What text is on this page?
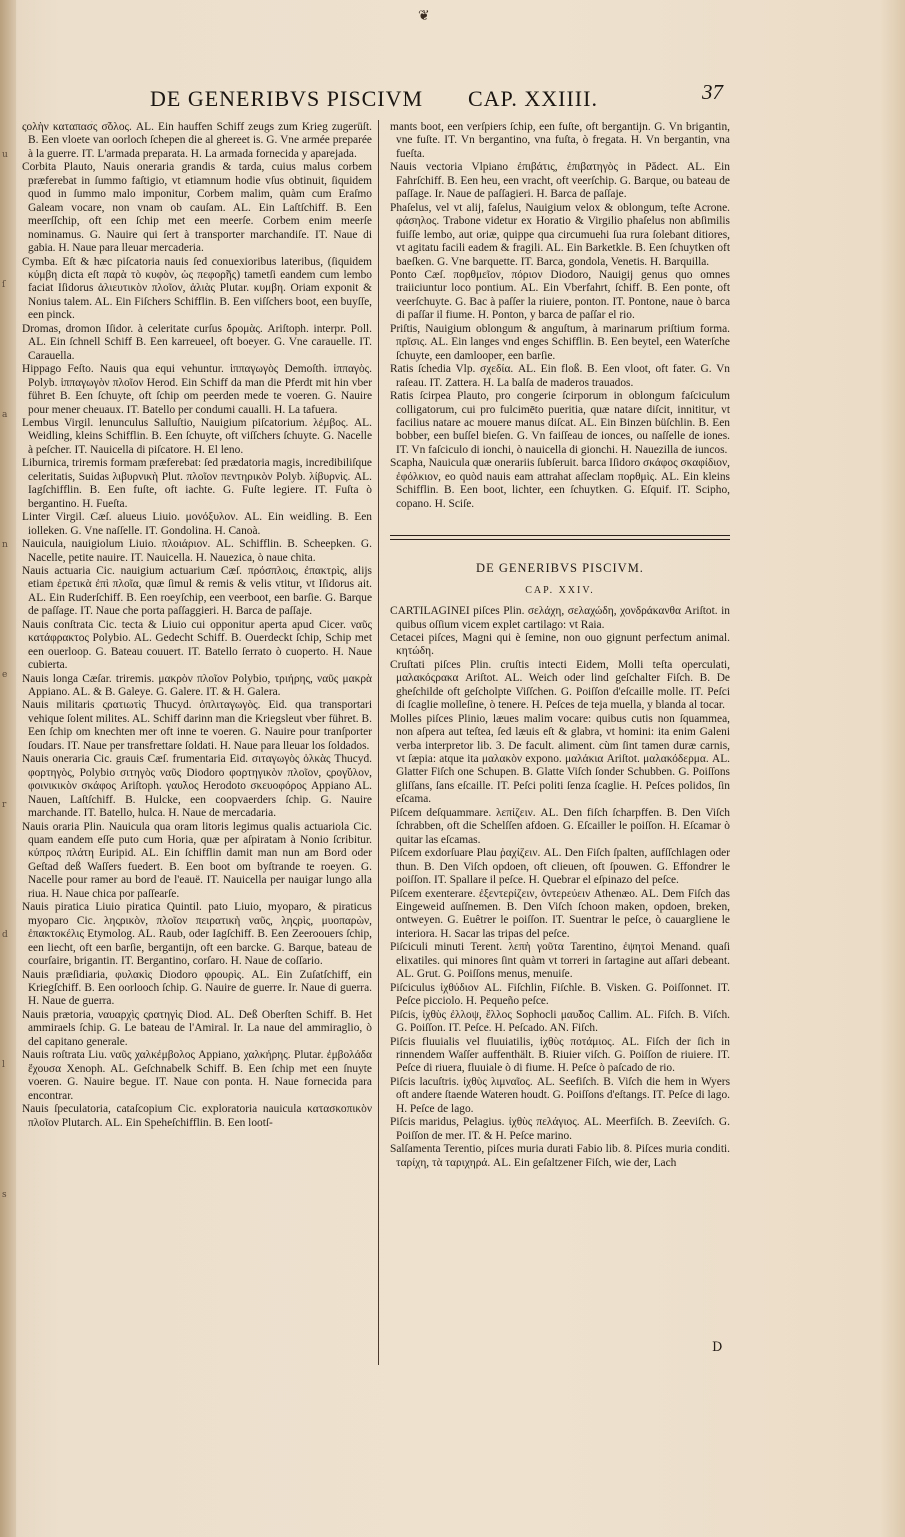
u
ſ
a
n
e
r
d
l
s
❦
DE GENERIBVS PISCIVM CAP. XXIIII.	37

ςολὴν καταπασ̀ς σ̃όλος. AL. Ein hauffen Schiff zeugs zum Krieg zugerüſt. B. Een vloete van oorloch ſchepen die al ghereet is. G. Vne armée preparée à la guerre. IT. L'armada preparata. H. La armada fornecida y aparejada.

Corbita Plauto, Nauis oneraria grandis & tarda, cuius malus corbem præferebat in ſummo faſtigio, vt etiamnum hodie vſus obtinuit, ſiquidem quod in ſummo malo imponitur, Corbem malim, quàm cum Eraſmo Galeam vocare, non vnam ob cauſam. AL. Ein Laſtſchiff. B. Een meerſſchip, oft een ſchip met een meerſe. Corbem enim meerſe nominamus. G. Nauire qui ſert à transporter marchandiſe. IT. Naue di gabia. H. Naue para lleuar mercaderia.

Cymba. Eſt & hæc piſcatoria nauis ſed conuexioribus lateribus, (ſiquidem κύμβη dicta eſt παρὰ τὸ κυφὸν, ὡς πεφορ̃ῆς) tametſi eandem cum lembo faciat Iſidorus ἁλιευτικὸν πλοῖον, ἁλιὰς Plutar. κυμβη. Oriam exponit & Nonius talem. AL. Ein Fiſchers Schifflin. B. Een viſſchers boot, een buyſſe, een pinck.

Dromas, dromon Iſidor. à celeritate curſus δρομὰς. Ariſtoph. interpr. Poll. AL. Ein ſchnell Schiff B. Een karreueel, oft boeyer. G. Vne carauelle. IT. Carauella.

Hippago Feſto. Nauis qua equi vehuntur. ἱππαγωγὸς Demoſth. ἱππαγὸς. Polyb. ἱππαγωγὸν πλοῖον Herod. Ein Schiff da man die Pferdt mit hin vber führet B. Een ſchuyte, oft ſchip om peerden mede te voeren. G. Nauire pour mener cheuaux. IT. Batello per condumi caualli. H. La tafuera.

Lembus Virgil. lenunculus Salluſtio, Nauigium piſcatorium. λέμβος. AL. Weidling, kleins Schifflin. B. Een ſchuyte, oft viſſchers ſchuyte. G. Nacelle à peſcher. IT. Nauicella di piſcatore. H. El leno.

Liburnica, triremis formam præferebat: ſed prædatoria magis, incredibiliſque celeritatis, Suidas λιβυρνικὴ Plut. πλοῖον πεντηρικὸν Polyb. λίβυρνὶς. AL. Iagſchifflin. B. Een fuſte, oft iachte. G. Fuſte legiere. IT. Fuſta ò bergantino. H. Fueſta.

Linter Virgil. Cæſ. alueus Liuio. μονόξυλον. AL. Ein weidling. B. Een iolleken. G. Vne naſſelle. IT. Gondolina. H. Canoà.

Nauicula, nauigiolum Liuio. πλοιάριον. AL. Schifflin. B. Scheepken. G. Nacelle, petite nauire. IT. Nauicella. H. Nauezica, ò naue chita.

Nauis actuaria Cic. nauigium actuarium Cæſ. πρόσπλοις, ἐπακτρὶς, alijs etiam ἐρετικὰ ἐπὶ πλοῖα, quæ ſimul & remis & velis vtitur, vt Iſidorus ait. AL. Ein Ruderſchiff. B. Een roeyſchip, een veerboot, een barſie. G. Barque de paſſage. IT. Naue che porta paſſaggieri. H. Barca de paſſaje.

Nauis conſtrata Cic. tecta & Liuio cui opponitur aperta apud Cicer. ναῦς κατάφρακτος Polybio. AL. Gedecht Schiff. B. Ouerdeckt ſchip, Schip met een ouerloop. G. Bateau couuert. IT. Batello ſerrato ò cuoperto. H. Naue cubierta.

Nauis longa Cæſar. triremis. μακρὸν πλοῖον Polybio, τριήρης, ναῦς μακρὰ Appiano. AL. & B. Galeye. G. Galere. IT. & H. Galera.

Nauis militaris ςρατιωτὶς Thucyd. ὁπλιταγωγὸς. Eid. qua transportari vehique ſolent milites. AL. Schiff darinn man die Kriegsleut vber führet. B. Een ſchip om knechten mer oft inne te voeren. G. Nauire pour tranſporter ſoudars. IT. Naue per transfrettare ſoldati. H. Naue para lleuar los ſoldados.

Nauis oneraria Cic. grauis Cæſ. frumentaria Eid. σιταγωγὸς ὁλκὰς Thucyd. φορτηγὸς, Polybio σιτηγὸς ναῦς Diodoro φορτηγικὸν πλοῖον, ςρογ̃ύλον, φοινικικὸν σκάφος Ariſtoph. γαυ̃λος Herodoto σκευοφόρος Appiano AL. Nauen, Laſtſchiff. B. Hulcke, een coopvaerders ſchip. G. Nauire marchande. IT. Batello, hulca. H. Naue de mercadaria.

Nauis oraria Plin. Nauicula qua oram litoris legimus qualis actuariola Cic. quam eandem eſſe puto cum Horia, quæ per aſpiratam à Nonio ſcribitur. κύπρος πλάτη Euripid. AL. Ein ſchifflin damit man nun am Bord oder Geſtad deß Waſſers fuedert. B. Een boot om byſtrande te roeyen. G. Nacelle pour ramer au bord de l'eauë. IT. Nauicella per nauigar lungo alla riua. H. Naue chica por paſſearſe.

Nauis piratica Liuio piratica Quintil. pato Liuio, myoparo, & piraticus myoparo Cic. ληςρικὸν, πλοῖον πειρατικὴ ναῦς, ληςρὶς, μυοπαρὼν, ἐπακτοκέλις Etymolog. AL. Raub, oder Iagſchiff. B. Een Zeeroouers ſchip, een liecht, oft een barſie, bergantijn, oft een barcke. G. Barque, bateau de courſaire, brigantin. IT. Bergantino, corſaro. H. Naue de coſſario.

Nauis præſidiaria, φυλακὶς Diodoro φρουρὶς. AL. Ein Zuſatſchiff, ein Kriegſchiff. B. Een oorlooch ſchip. G. Nauire de guerre. Ir. Naue di guerra. H. Naue de guerra.

Nauis prætoria, ναυαρχὶς ςρατηγὶς Diod. AL. Deß Oberſten Schiff. B. Het ammiraels ſchip. G. Le bateau de l'Amiral. Ir. La naue del ammiraglio, ò del capitano generale.

Nauis roſtrata Liu. ναῦς χαλκέμβολος Appiano, χαλκήρης. Plutar. ἐμβολάδα ἔχουσα Xenoph. AL. Geſchnabelk Schiff. B. Een ſchip met een ſnuyte voeren. G. Nauire begue. IT. Naue con ponta. H. Naue fornecida para encontrar.

Nauis ſpeculatoria, cataſcopium Cic. exploratoria nauicula κατασκοπικὸν πλοῖον Plutarch. AL. Ein Speheſchifflin. B. Een lootſ-

mants boot, een verſpiers ſchip, een fuſte, oft bergantijn. G. Vn brigantin, vne fuſte. IT. Vn bergantino, vna fuſta, ò fregata. H. Vn bergantin, vna fueſta.

Nauis vectoria Vlpiano ἐπιβάτις, ἐπιβατηγὸς in Pădect. AL. Ein Fahrſchiff. B. Een heu, een vracht, oft veerſchip. G. Barque, ou bateau de paſſage. Ir. Naue de paſſagieri. H. Barca de paſſaje.

Phaſelus, vel vt alij, faſelus, Nauigium velox & oblongum, teſte Acrone. φάσηλος. Trabone videtur ex Horatio & Virgilio phaſelus non abſimilis fuiſſe lembo, aut oriæ, quippe qua circumuehi ſua rura ſolebant ditiores, vt agitatu facili eadem & fragili. AL. Ein Barketkle. B. Een ſchuytken oft baeſken. G. Vne barquette. IT. Barca, gondola, Venetis. H. Barquilla.

Ponto Cæſ. πορθμεῖον, πόριον Diodoro, Nauigij genus quo omnes traiiciuntur loco pontium. AL. Ein Vberfahrt, ſchiff. B. Een ponte, oft veerſchuyte. G. Bac à paſſer la riuiere, ponton. IT. Pontone, naue ò barca di paſſar il fiume. H. Ponton, y barca de paſſar el rio.

Priſtis, Nauigium oblongum & anguſtum, à marinarum priſtium forma. πρῖσις. AL. Ein langes vnd enges Schifflin. B. Een beytel, een Waterſche ſchuyte, een damlooper, een barſie.

Ratis ſchedia Vlp. σχεδία. AL. Ein floß. B. Een vloot, oft fater. G. Vn raſeau. IT. Zattera. H. La balſa de maderos trauados.

Ratis ſcirpea Plauto, pro congerie ſcirporum in oblongum faſciculum colligatorum, cui pro fulcimēto pueritia, quæ natare diſcit, innititur, vt facilius natare ac mouere manus diſcat. AL. Ein Binzen büſchlin. B. Een bobber, een buſſel bieſen. G. Vn faiſſeau de ionces, ou naſſelle de iones. IT. Vn faſciculo di ionchi, ò nauicella di gionchi. H. Nauezilla de iuncos.

Scapha, Nauicula quæ onerariis ſubſeruit. barca Iſidoro σκάφος σκαφίδιον, ἐφόλκιον, eo quòd nauis eam attrahat aſſeclam πορθμὶς. AL. Ein kleins Schifflin. B. Een boot, lichter, een ſchuytken. G. Eſquif. IT. Scipho, copano. H. Sciſe.

DE GENERIBVS PISCIVM.
CAP. XXIV.

CARTILAGINEI piſces Plin. σελάχη, σελαχώδη, χονδράκανθα Ariſtot. in quibus oſſium vicem explet cartilago: vt Raia.

Cetacei piſces, Magni qui è ſemine, non ouo gignunt perfectum animal. κητώδη.

Cruſtati piſces Plin. cruſtis intecti Eidem, Molli teſta operculati, μαλακόςρακα Ariſtot. AL. Weich oder lind geſchalter Fiſch. B. De gheſchilde oft geſcholpte Viſſchen. G. Poiſſon d'eſcaille molle. IT. Peſci di ſcaglie molleſine, ò tenere. H. Peſces de teja muella, y blanda al tocar.

Molles piſces Plinio, læues malim vocare: quibus cutis non ſquammea, non aſpera aut teſtea, ſed læuis eſt & glabra, vt homini: ita enim Galeni verba interpretor lib. 3. De facult. aliment. cùm ſint tamen duræ carnis, vt ſæpia: atque ita μαλακὸν expono. μαλάκια Ariſtot. μαλακόδερμα. AL. Glatter Fiſch one Schupen. B. Glatte Viſch ſonder Schubben. G. Poiſſons gliſſans, ſans eſcaille. IT. Peſci politi ſenza ſcaglie. H. Peſces polidos, ſin eſcama.

Piſcem deſquammare. λεπίζειν. AL. Den fiſch ſcharpffen. B. Den Viſch ſchrabben, oft die Schelſſen afdoen. G. Eſcailler le poiſſon. H. Eſcamar ò quitar las eſcamas.

Piſcem exdorſuare Plau ῥαχίζειν. AL. Den Fiſch ſpalten, aufſſchlagen oder thun. B. Den Viſch opdoen, oft clieuen, oft ſpouwen. G. Effondrer le poiſſon. IT. Spallare il peſce. H. Quebrar el eſpinazo del peſce.

Piſcem exenterare. ἐξεντερίζειν, ὁντερεύειν Athenæo. AL. Dem Fiſch das Eingeweid auſſnemen. B. Den Viſch ſchoon maken, opdoen, breken, ontweyen. G. Euêtrer le poiſſon. IT. Suentrar le peſce, ò cauargliene le interiora. H. Sacar las tripas del peſce.

Piſciculi minuti Terent. λεπὴ γοῦτα Tarentino, ἐψητοὶ Menand. quaſi elixatiles. qui minores ſint quàm vt torreri in ſartagine aut aſſari debeant. AL. Grut. G. Poiſſons menus, menuiſe.

Piſciculus ἰχθύδιον AL. Fiſchlin, Fiſchle. B. Visken. G. Poiſſonnet. IT. Peſce picciolo. H. Pequeño peſce.

Piſcis, ἰχθὺς ἐλλοψ, ἔλλος Sophocli μαυ̃δος Callim. AL. Fiſch. B. Viſch. G. Poiſſon. IT. Peſce. H. Peſcado. AN. Fiſch.

Piſcis fluuialis vel fluuiatilis, ἰχθὺς ποτάμιος. AL. Fiſch der ſich in rinnendem Waſſer auffenthält. B. Riuier viſch. G. Poiſſon de riuiere. IT. Peſce di riuera, fluuiale ò di fiume. H. Peſce ò paſcado de rio.

Piſcis lacuſtris. ἰχθὺς λιμναῖος. AL. Seefiſch. B. Viſch die hem in Wyers oft andere ſtaende Wateren houdt. G. Poiſſons d'eſtangs. IT. Peſce di lago. H. Peſce de lago.

Piſcis maridus, Pelagius. ἰχθὺς πελάγιος. AL. Meerfiſch. B. Zeeviſch. G. Poiſſon de mer. IT. & H. Peſce marino.

Salſamenta Terentio, piſces muria durati Fabio lib. 8. Piſces muria conditi. ταρίχη, τὰ ταριχηρά. AL. Ein geſaltzener Fiſch, wie der, Lach

D
